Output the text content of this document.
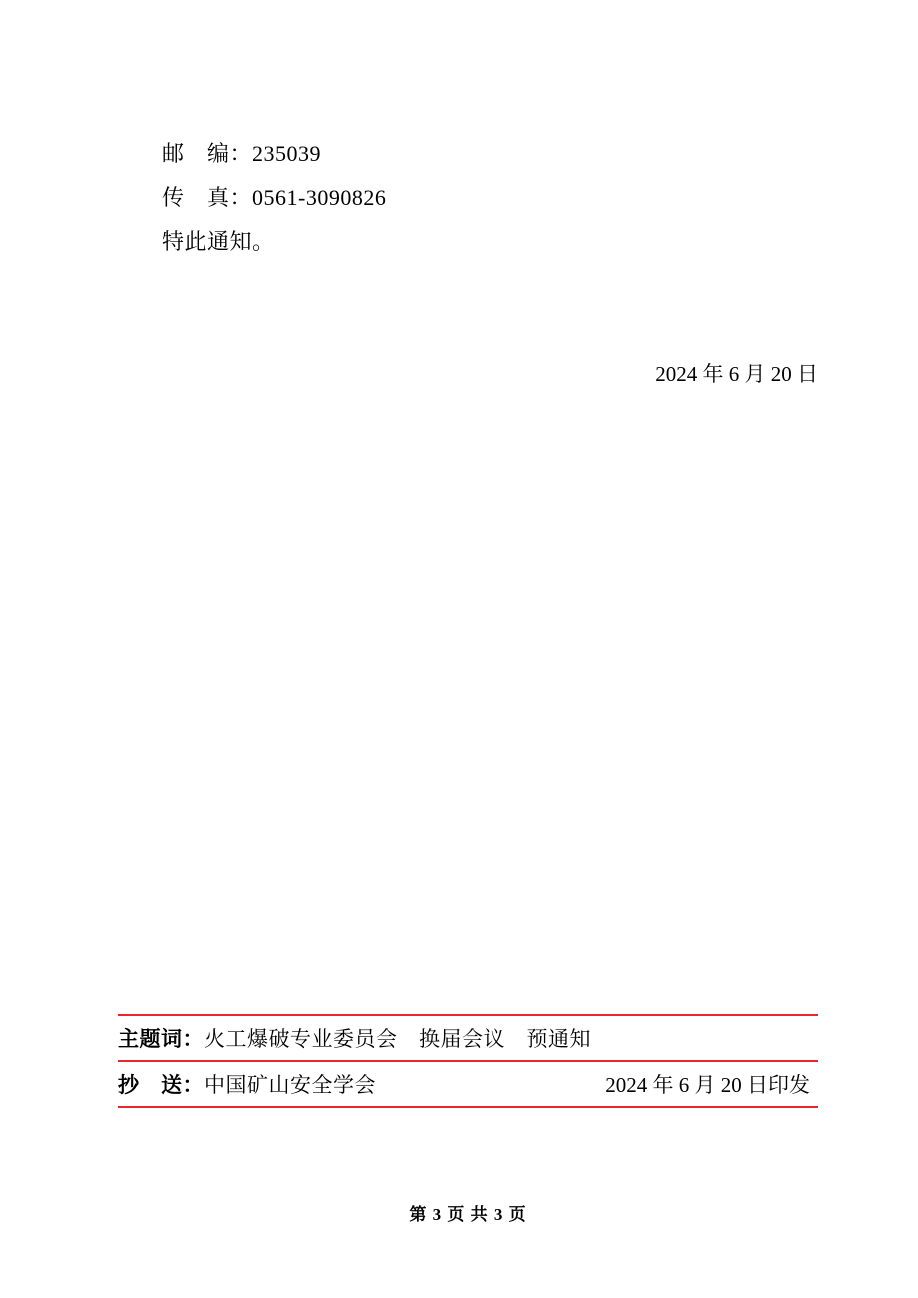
邮　编：235039
传　真：0561-3090826
特此通知。
2024 年 6 月 20 日
主题词： 火工爆破专业委员会　换届会议　预通知
抄　送： 中国矿山安全学会	2024 年 6 月 20 日印发
第 3 页 共 3 页
